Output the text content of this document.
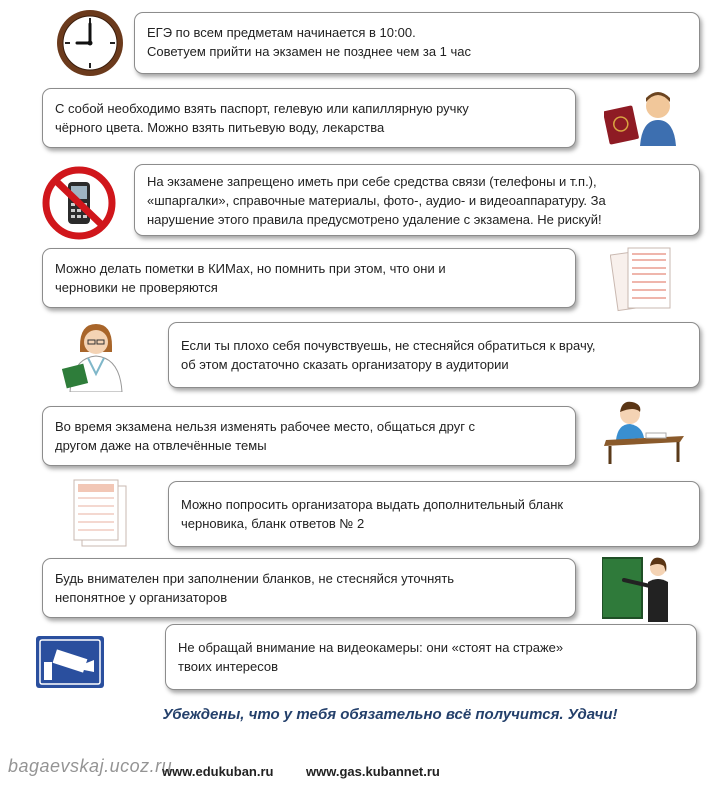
ЕГЭ по всем предметам начинается в 10:00.

Советуем прийти на экзамен не позднее чем за 1 час

С собой необходимо взять паспорт, гелевую или капиллярную ручку

чёрного цвета. Можно взять питьевую воду, лекарства

На экзамене запрещено иметь при себе средства связи (телефоны и т.п.),

«шпаргалки», справочные материалы, фото-, аудио- и видеоаппаратуру. За

нарушение этого правила предусмотрено удаление с экзамена. Не рискуй!

Можно делать пометки в КИМах, но помнить при этом, что они и

черновики не проверяются

Если ты плохо себя почувствуешь, не стесняйся обратиться к врачу,

об этом достаточно сказать организатору в аудитории

Во время экзамена нельзя изменять рабочее место, общаться друг с

другом даже на отвлечённые темы

Можно попросить организатора выдать дополнительный бланк

черновика, бланк ответов № 2

Будь внимателен при заполнении бланков, не стесняйся уточнять

непонятное у организаторов

Не обращай внимание на видеокамеры: они «стоят на страже»

твоих интересов

Убеждены, что у тебя обязательно всё получится. Удачи!
www.edukuban.ru	www.gas.kubannet.ru
bagaevskaj.ucoz.ru
